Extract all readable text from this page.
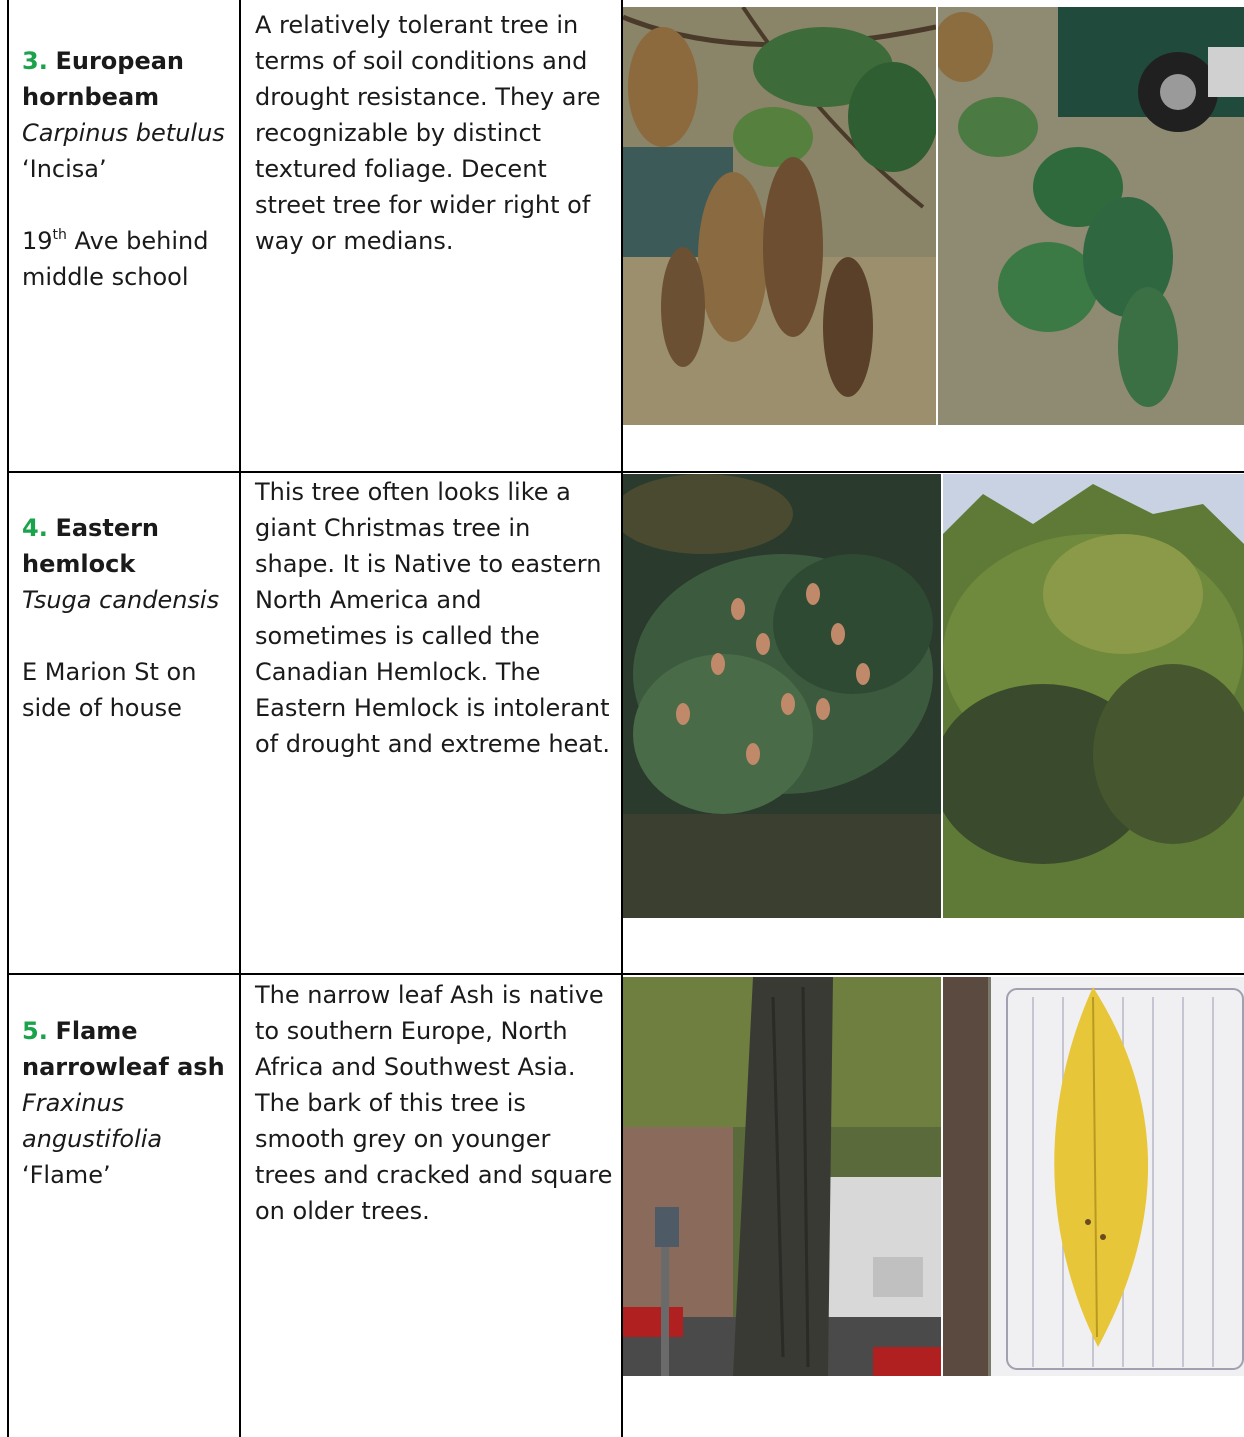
3. European
hornbeam
Carpinus betulus
‘Incisa’
19th Ave behind
middle school
A relatively tolerant tree in terms of soil conditions and drought resistance. They are recognizable by distinct textured foliage. Decent street tree for wider right of way or medians.
4. Eastern
hemlock
Tsuga candensis
E Marion St on
side of house
This tree often looks like a giant Christmas tree in shape. It is Native to eastern North America and sometimes is called the Canadian Hemlock. The Eastern Hemlock is intolerant of drought and extreme heat.
5. Flame
narrowleaf ash
Fraxinus
angustifolia
‘Flame’
The narrow leaf Ash is native to southern Europe, North Africa and Southwest Asia. The bark of this tree is smooth grey on younger trees and cracked and square on older trees.
